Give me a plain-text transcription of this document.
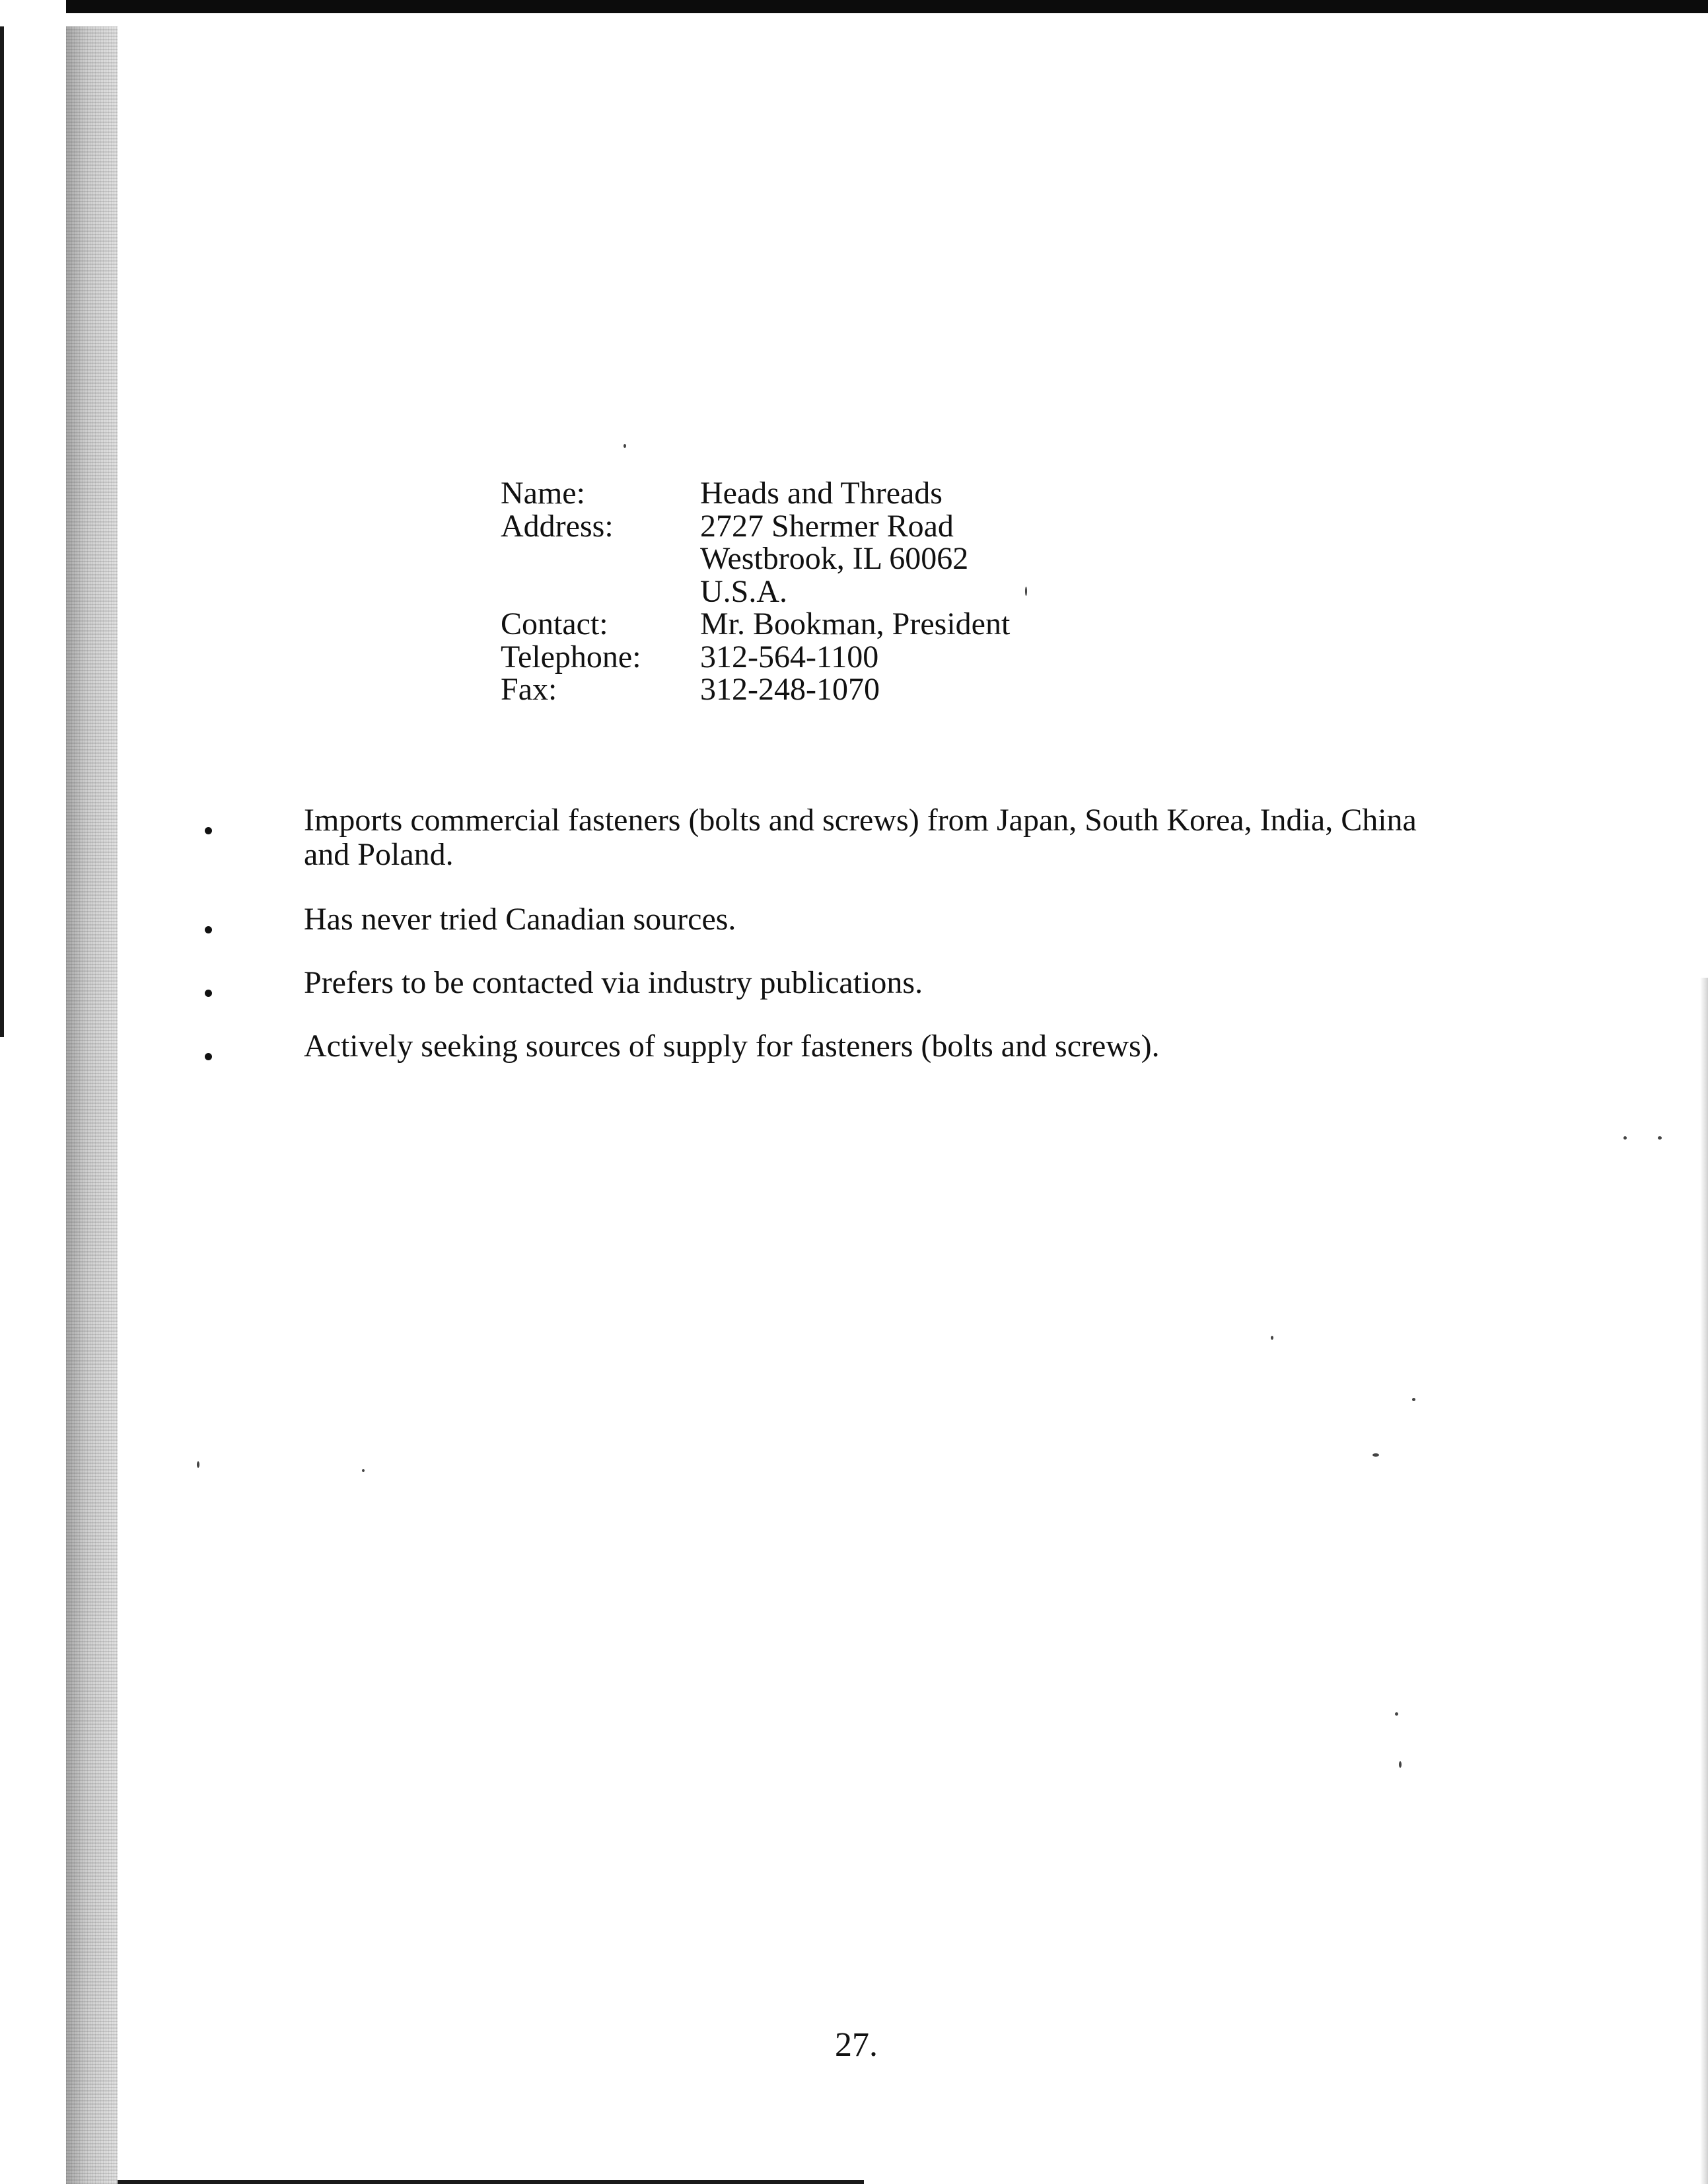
Name:	Heads and Threads
Address:	2727 Shermer Road
Westbrook, IL 60062
U.S.A.
Contact:	Mr. Bookman, President
Telephone:	312-564-1100
Fax:	312-248-1070
Imports commercial fasteners (bolts and screws) from Japan, South Korea, India, China and Poland.
Has never tried Canadian sources.
Prefers to be contacted via industry publications.
Actively seeking sources of supply for fasteners (bolts and screws).
27.
